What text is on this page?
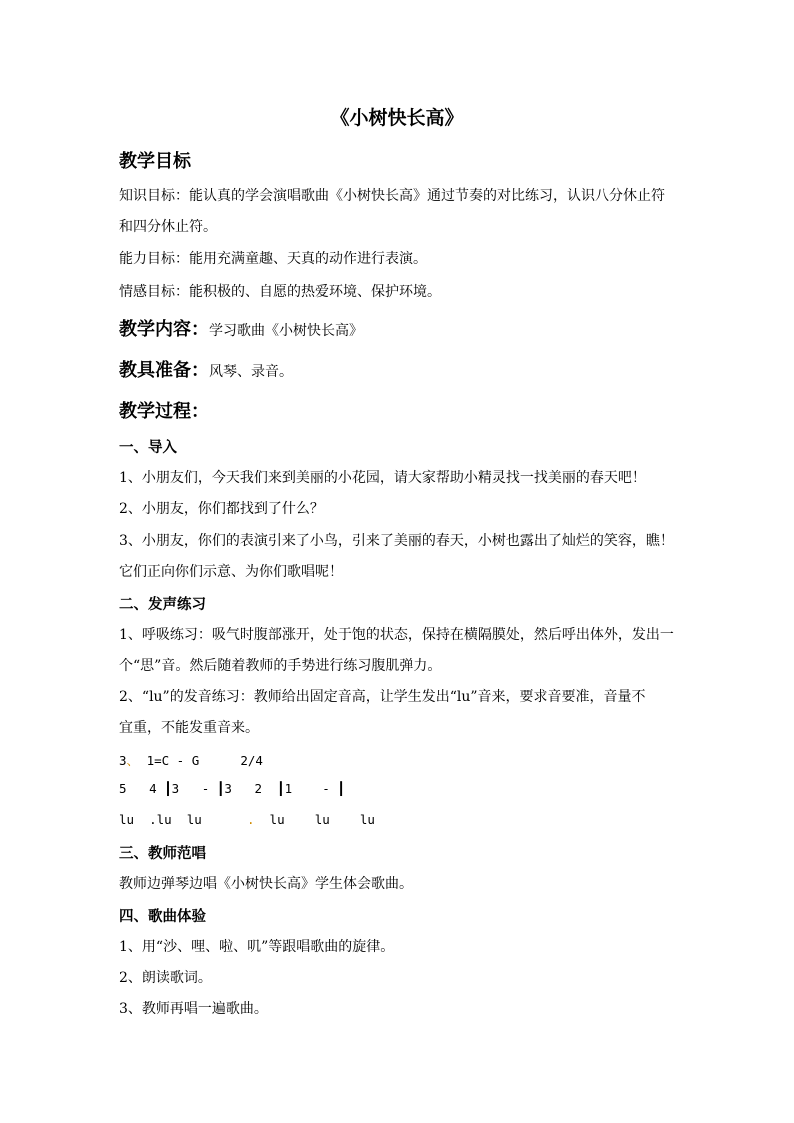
《小树快长高》
教学目标
知识目标：能认真的学会演唱歌曲《小树快长高》通过节奏的对比练习，认识八分休止符
和四分休止符。
能力目标：能用充满童趣、天真的动作进行表演。
情感目标：能积极的、自愿的热爱环境、保护环境。
教学内容：学习歌曲《小树快长高》
教具准备：风琴、录音。
教学过程：
一、导入
1、小朋友们，今天我们来到美丽的小花园，请大家帮助小精灵找一找美丽的春天吧！
2、小朋友，你们都找到了什么？
3、小朋友，你们的表演引来了小鸟，引来了美丽的春天，小树也露出了灿烂的笑容，瞧！
它们正向你们示意、为你们歌唱呢！
二、发声练习
1、呼吸练习：吸气时腹部涨开，处于饱的状态，保持在横隔膜处，然后呼出体外，发出一
个“思”音。然后随着教师的手势进行练习腹肌弹力。
2、“lu”的发音练习：教师给出固定音高，让学生发出“lu”音来，要求音要准，音量不
宜重，不能发重音来。
3、 1=C - G	2/4
5   4 ┃3   - ┃3   2  ┃1    - ┃
lu  .lu  lu	. lu    lu    lu
三、教师范唱
教师边弹琴边唱《小树快长高》学生体会歌曲。
四、歌曲体验
1、用“沙、哩、啦、叽”等跟唱歌曲的旋律。
2、朗读歌词。
3、教师再唱一遍歌曲。
